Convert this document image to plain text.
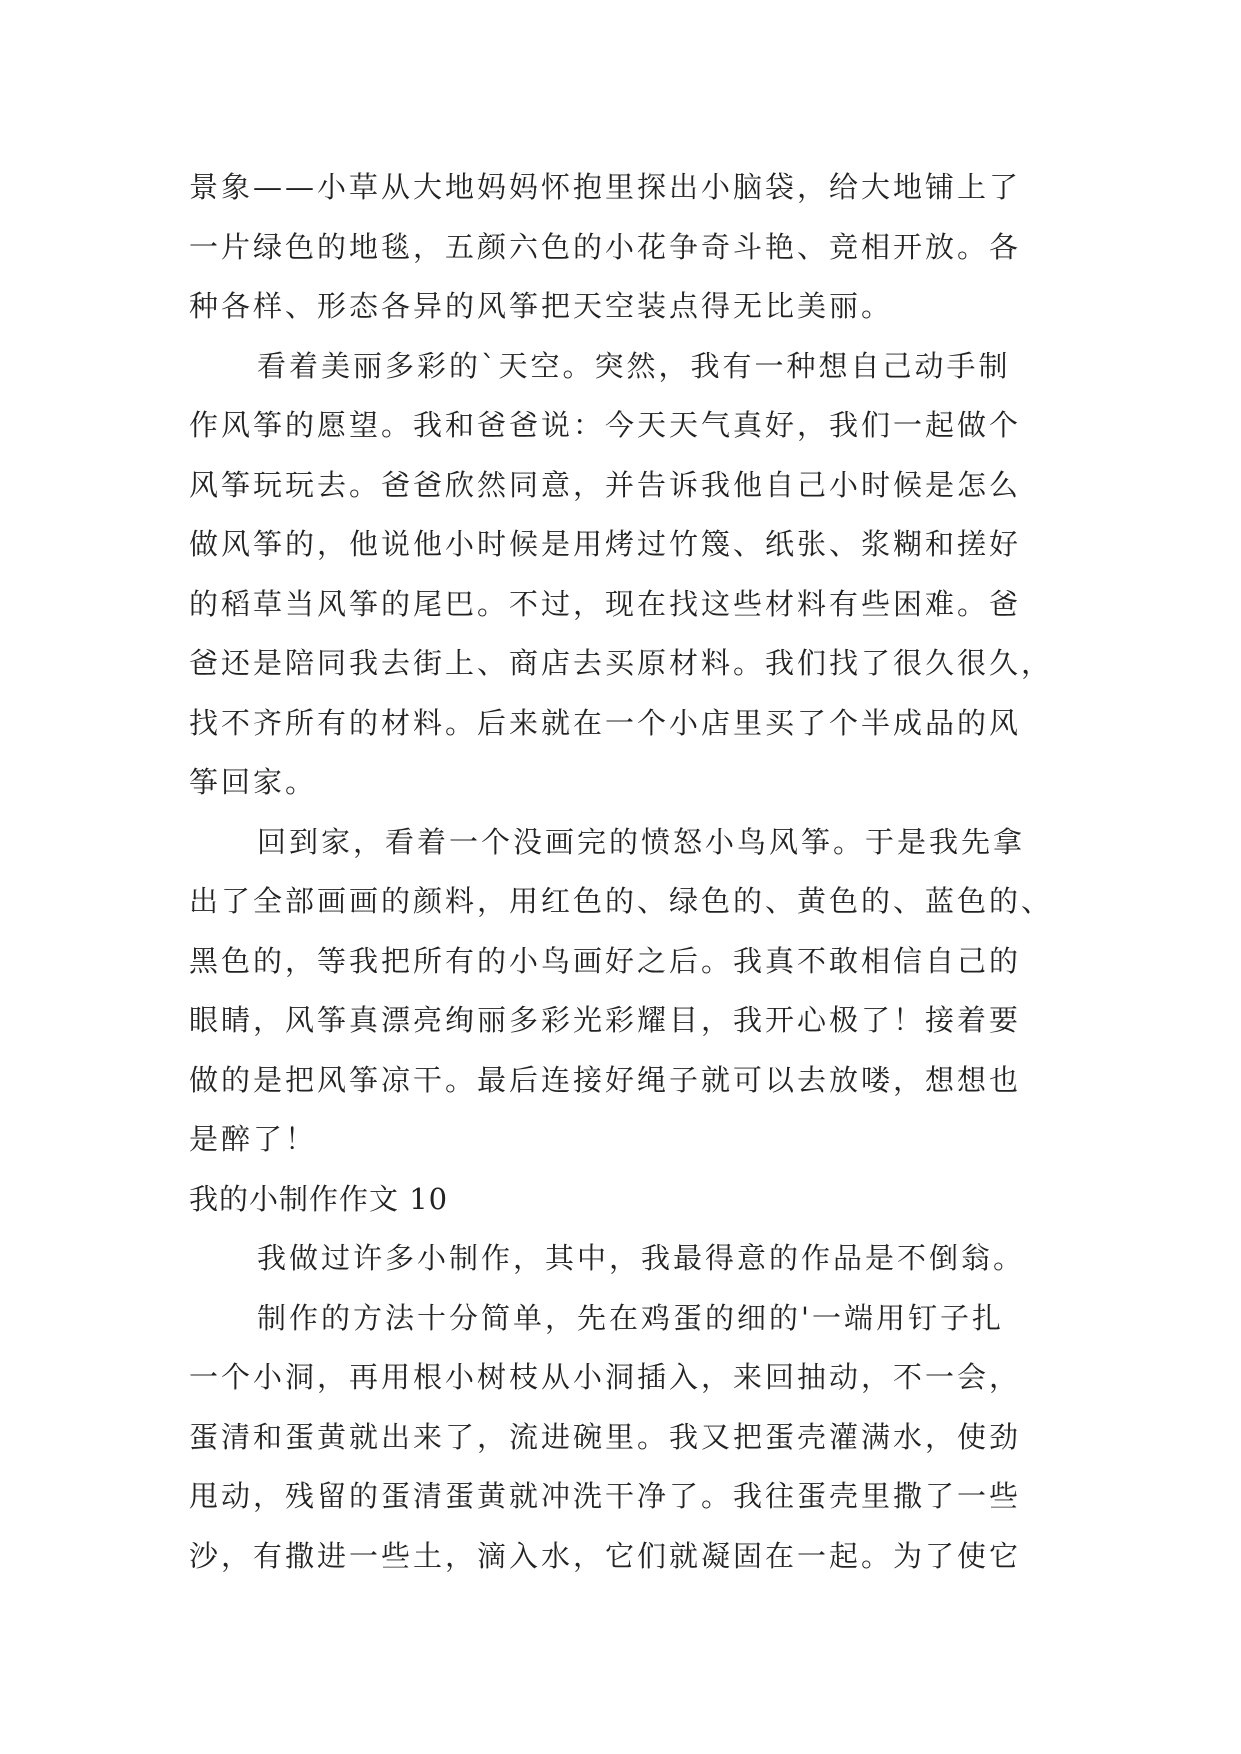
景象——小草从大地妈妈怀抱里探出小脑袋，给大地铺上了
一片绿色的地毯，五颜六色的小花争奇斗艳、竞相开放。各
种各样、形态各异的风筝把天空装点得无比美丽。
看着美丽多彩的`天空。突然，我有一种想自己动手制
作风筝的愿望。我和爸爸说：今天天气真好，我们一起做个
风筝玩玩去。爸爸欣然同意，并告诉我他自己小时候是怎么
做风筝的，他说他小时候是用烤过竹篾、纸张、浆糊和搓好
的稻草当风筝的尾巴。不过，现在找这些材料有些困难。爸
爸还是陪同我去街上、商店去买原材料。我们找了很久很久，
找不齐所有的材料。后来就在一个小店里买了个半成品的风
筝回家。
回到家，看着一个没画完的愤怒小鸟风筝。于是我先拿
出了全部画画的颜料，用红色的、绿色的、黄色的、蓝色的、
黑色的，等我把所有的小鸟画好之后。我真不敢相信自己的
眼睛，风筝真漂亮绚丽多彩光彩耀目，我开心极了！接着要
做的是把风筝凉干。最后连接好绳子就可以去放喽，想想也
是醉了！
我的小制作作文 10
我做过许多小制作，其中，我最得意的作品是不倒翁。
制作的方法十分简单，先在鸡蛋的细的'一端用钉子扎
一个小洞，再用根小树枝从小洞插入，来回抽动，不一会，
蛋清和蛋黄就出来了，流进碗里。我又把蛋壳灌满水，使劲
甩动，残留的蛋清蛋黄就冲洗干净了。我往蛋壳里撒了一些
沙，有撒进一些土，滴入水，它们就凝固在一起。为了使它
